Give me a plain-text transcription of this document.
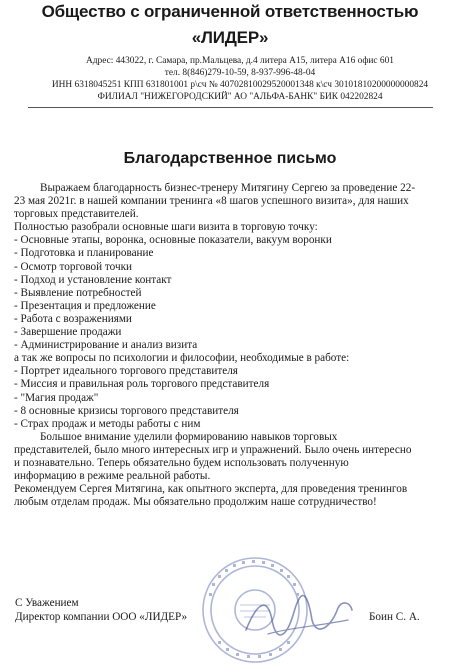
Общество с ограниченной ответственностью
«ЛИДЕР»
Адрес: 443022, г. Самара, пр.Мальцева, д.4 литера А15, литера А16 офис 601
тел. 8(846)279-10-59, 8-937-996-48-04
ИНН 6318045251 КПП 631801001 р\сч № 40702810029520001348 к\сч 30101810200000000824
ФИЛИАЛ "НИЖЕГОРОДСКИЙ" АО "АЛЬФА-БАНК" БИК 042202824
Благодарственное письмо
Выражаем благодарность бизнес-тренеру Митягину Сергею за проведение 22-
23 мая 2021г. в нашей компании тренинга «8 шагов успешного визита», для наших
торговых представителей.
Полностью разобрали основные шаги визита в торговую точку:
- Основные этапы, воронка, основные показатели, вакуум воронки
- Подготовка и планирование
- Осмотр торговой точки
- Подход и установление контакт
- Выявление потребностей
- Презентация и предложение
- Работа с возражениями
- Завершение продажи
- Администрирование и анализ визита
а так же вопросы по психологии и философии, необходимые в работе:
- Портрет идеального торгового представителя
- Миссия и правильная роль торгового представителя
- "Магия продаж"
- 8 основные кризисы торгового представителя
- Страх продаж и методы работы с ним
Большое внимание уделили формированию навыков торговых
представителей, было много интересных игр и упражнений. Было очень интересно
и познавательно. Теперь обязательно будем использовать полученную
информацию в режиме реальной работы.
Рекомендуем Сергея Митягина, как опытного эксперта, для проведения тренингов
любым отделам продаж. Мы обязательно продолжим наше сотрудничество!
С Уважением
Директор компании ООО «ЛИДЕР»	Боин С. А.
